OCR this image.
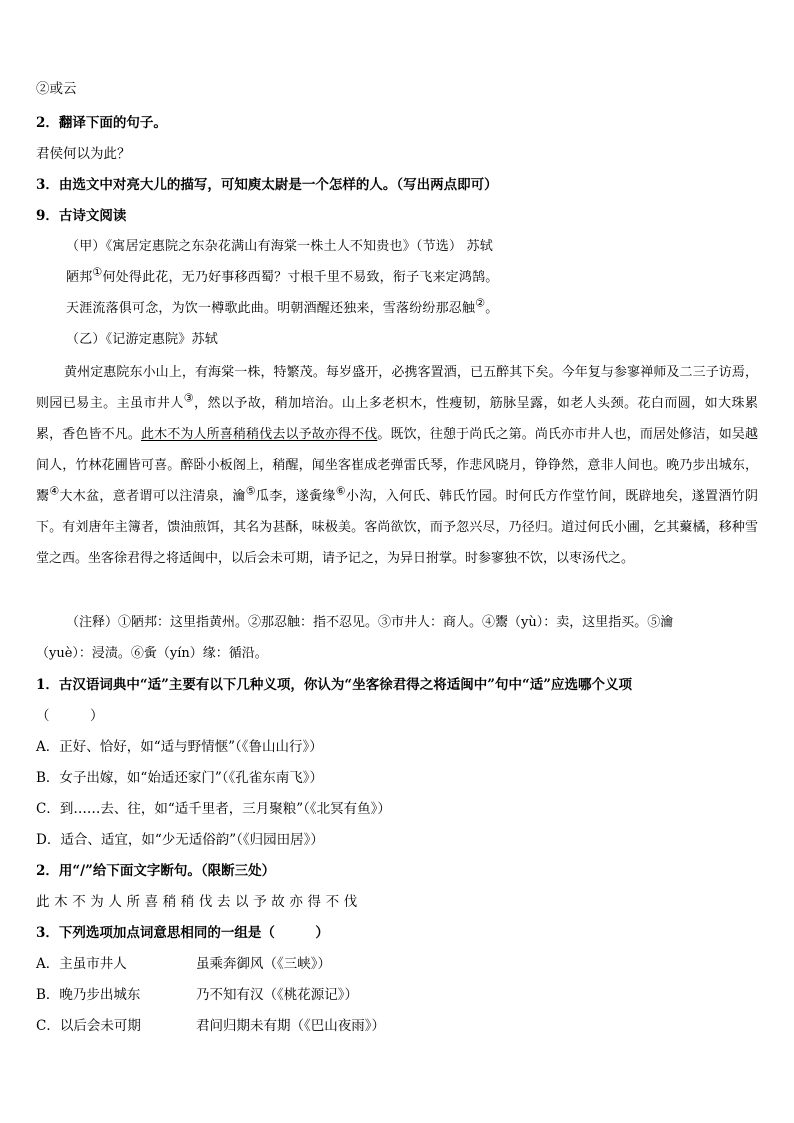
②或云
2．翻译下面的句子。
君侯何以为此？
3．由选文中对亮大儿的描写，可知庾太尉是一个怎样的人。（写出两点即可）
9．古诗文阅读
（甲）《寓居定惠院之东杂花满山有海棠一株土人不知贵也》（节选） 苏轼
陋邦①何处得此花，无乃好事移西蜀？寸根千里不易致，衔子飞来定鸿鹄。
天涯流落俱可念，为饮一樽歌此曲。明朝酒醒还独来，雪落纷纷那忍触②。
（乙）《记游定惠院》苏轼

黄州定惠院东小山上，有海棠一株，特繁茂。每岁盛开，必携客置酒，已五醉其下矣。今年复与参寥禅师及二三子访焉，则园已易主。主虽市井人③，然以予故，稍加培治。山上多老枳木，性瘦韧，筋脉呈露，如老人头颈。花白而圆，如大珠累累，香色皆不凡。此木不为人所喜稍稍伐去以予故亦得不伐。既饮，往憩于尚氏之第。尚氏亦市井人也，而居处修洁，如吴越间人，竹林花圃皆可喜。醉卧小板阁上，稍醒，闻坐客崔成老弹雷氏琴，作悲风晓月，铮铮然，意非人间也。晚乃步出城东，鬻④大木盆，意者谓可以注清泉，瀹⑤瓜李，遂夤缘⑥小沟，入何氏、韩氏竹园。时何氏方作堂竹间，既辟地矣，遂置酒竹阴下。有刘唐年主簿者，馈油煎饵，其名为甚酥，味极美。客尚欲饮，而予忽兴尽，乃径归。道过何氏小圃，乞其藂橘，移种雪堂之西。坐客徐君得之将适闽中，以后会未可期，请予记之，为异日拊掌。时参寥独不饮，以枣汤代之。

（注释）①陋邦：这里指黄州。②那忍触：指不忍见。③市井人：商人。④鬻（yù）：卖，这里指买。⑤瀹
（yuè）：浸渍。⑥夤（yín）缘：循沿。
1．古汉语词典中“适”主要有以下几种义项，你认为“坐客徐君得之将适闽中”句中“适”应选哪个义项
（　　　）
A．正好、恰好，如“适与野情惬”（《鲁山山行》）
B．女子出嫁，如“始适还家门”（《孔雀东南飞》）
C．到……去、往，如“适千里者，三月聚粮”（《北冥有鱼》）
D．适合、适宜，如“少无适俗韵”（《归园田居》）
2．用“/”给下面文字断句。（限断三处）
此木不为人所喜稍稍伐去以予故亦得不伐
3．下列选项加点词意思相同的一组是（　　　）
A．主虽市井人	虽乘奔御风（《三峡》）
B．晚乃步出城东	乃不知有汉（《桃花源记》）
C．以后会未可期	君问归期未有期（《巴山夜雨》）
